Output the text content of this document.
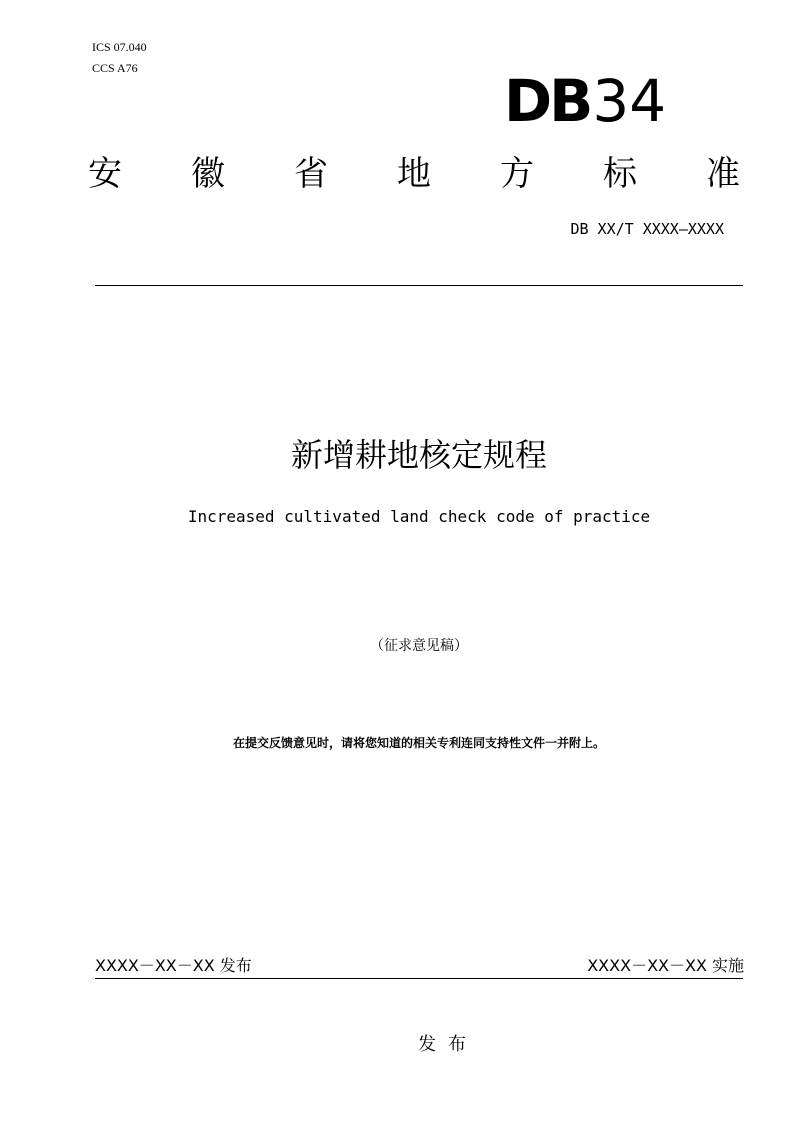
ICS 07.040
CCS A76	DB34
安 徽 省 地 方 标 准
DB XX/T XXXX—XXXX
新增耕地核定规程
Increased cultivated land check code of practice
（征求意见稿）
在提交反馈意见时，请将您知道的相关专利连同支持性文件一并附上。
XXXX－XX－XX 发布	XXXX－XX－XX 实施
发布
